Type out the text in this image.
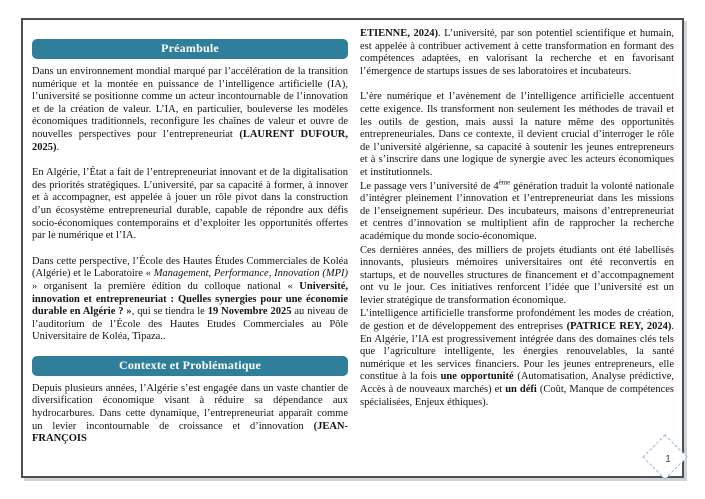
Préambule

Dans un environnement mondial marqué par l’accélération de la transition numérique et la montée en puissance de l’intelligence artificielle (IA), l’université se positionne comme un acteur incontournable de l’innovation et de la création de valeur. L’IA, en particulier, bouleverse les modèles économiques traditionnels, reconfigure les chaînes de valeur et ouvre de nouvelles perspectives pour l’entrepreneuriat (LAURENT DUFOUR, 2025).

En Algérie, l’État a fait de l’entrepreneuriat innovant et de la digitalisation des priorités stratégiques. L’université, par sa capacité à former, à innover et à accompagner, est appelée à jouer un rôle pivot dans la construction d’un écosystème entrepreneurial durable, capable de répondre aux défis socio-économiques contemporains et d’exploiter les opportunités offertes par le numérique et l’IA.

Dans cette perspective, l’École des Hautes Études Commerciales de Koléa (Algérie) et le Laboratoire « Management, Performance, Innovation (MPI) » organisent la première édition du colloque national « Université, innovation et entrepreneuriat : Quelles synergies pour une économie durable en Algérie ? », qui se tiendra le 19 Novembre 2025 au niveau de l’auditorium de l’École des Hautes Etudes Commerciales au Pôle Universitaire de Koléa, Tipaza..

Contexte et Problématique

Depuis plusieurs années, l’Algérie s’est engagée dans un vaste chantier de diversification économique visant à réduire sa dépendance aux hydrocarbures. Dans cette dynamique, l’entrepreneuriat apparaît comme un levier incontournable de croissance et d’innovation (JEAN-FRANÇOIS

ETIENNE, 2024). L’université, par son potentiel scientifique et humain, est appelée à contribuer activement à cette transformation en formant des compétences adaptées, en valorisant la recherche et en favorisant l’émergence de startups issues de ses laboratoires et incubateurs.

L’ère numérique et l’avènement de l’intelligence artificielle accentuent cette exigence. Ils transforment non seulement les méthodes de travail et les outils de gestion, mais aussi la nature même des opportunités entrepreneuriales. Dans ce contexte, il devient crucial d’interroger le rôle de l’université algérienne, sa capacité à soutenir les jeunes entrepreneurs et à s’inscrire dans une logique de synergie avec les acteurs économiques et institutionnels.

Le passage vers l’université de 4ème génération traduit la volonté nationale d’intégrer pleinement l’innovation et l’entrepreneuriat dans les missions de l’enseignement supérieur. Des incubateurs, maisons d’entrepreneuriat et centres d’innovation se multiplient afin de rapprocher la recherche académique du monde socio-économique.

Ces dernières années, des milliers de projets étudiants ont été labellisés innovants, plusieurs mémoires universitaires ont été reconvertis en startups, et de nouvelles structures de financement et d’accompagnement ont vu le jour. Ces initiatives renforcent l’idée que l’université est un levier stratégique de transformation économique.

L’intelligence artificielle transforme profondément les modes de création, de gestion et de développement des entreprises (PATRICE REY, 2024). En Algérie, l’IA est progressivement intégrée dans des domaines clés tels que l’agriculture intelligente, les énergies renouvelables, la santé numérique et les services financiers. Pour les jeunes entrepreneurs, elle constitue à la fois une opportunité (Automatisation, Analyse prédictive, Accès à de nouveaux marchés) et un défi (Coût, Manque de compétences spécialisées, Enjeux éthiques).

1
